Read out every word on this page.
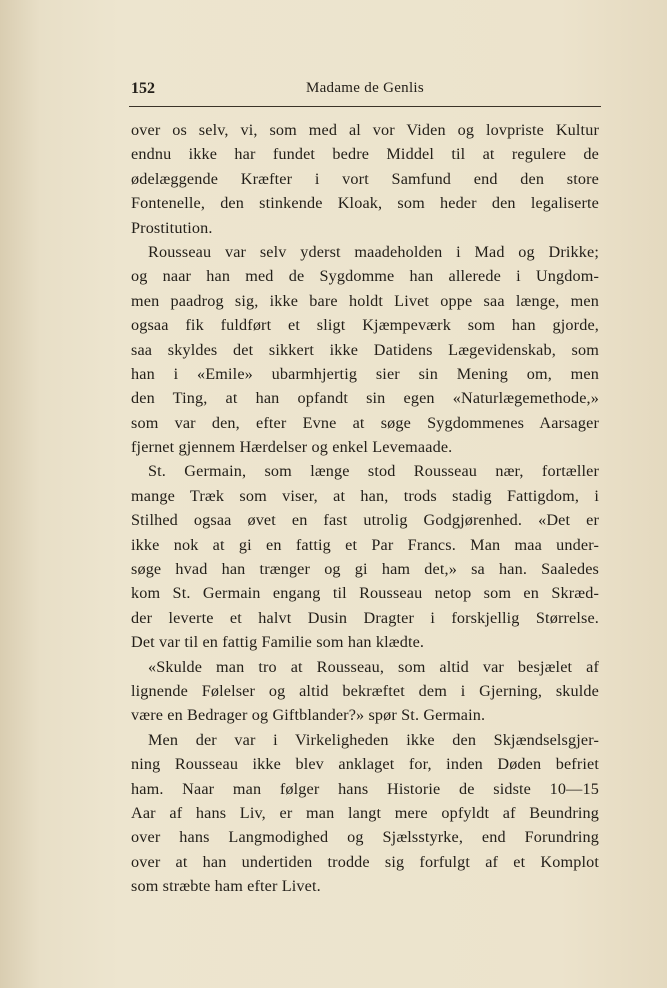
152	Madame de Genlis

over os selv, vi, som med al vor Viden og lovpriste Kultur
endnu ikke har fundet bedre Middel til at regulere de
ødelæggende Kræfter i vort Samfund end den store
Fontenelle, den stinkende Kloak, som heder den legaliserte
Prostitution.

Rousseau var selv yderst maadeholden i Mad og Drikke;
og naar han med de Sygdomme han allerede i Ungdom-
men paadrog sig, ikke bare holdt Livet oppe saa længe, men
ogsaa fik fuldført et sligt Kjæmpeværk som han gjorde,
saa skyldes det sikkert ikke Datidens Lægevidenskab, som
han i «Emile» ubarmhjertig sier sin Mening om, men
den Ting, at han opfandt sin egen «Naturlægemethode,»
som var den, efter Evne at søge Sygdommenes Aarsager
fjernet gjennem Hærdelser og enkel Levemaade.

St. Germain, som længe stod Rousseau nær, fortæller
mange Træk som viser, at han, trods stadig Fattigdom, i
Stilhed ogsaa øvet en fast utrolig Godgjørenhed. «Det er
ikke nok at gi en fattig et Par Francs. Man maa under-
søge hvad han trænger og gi ham det,» sa han. Saaledes
kom St. Germain engang til Rousseau netop som en Skræd-
der leverte et halvt Dusin Dragter i forskjellig Størrelse.
Det var til en fattig Familie som han klædte.

«Skulde man tro at Rousseau, som altid var besjælet af
lignende Følelser og altid bekræftet dem i Gjerning, skulde
være en Bedrager og Giftblander?» spør St. Germain.

Men der var i Virkeligheden ikke den Skjændselsgjer-
ning Rousseau ikke blev anklaget for, inden Døden befriet
ham. Naar man følger hans Historie de sidste 10—15
Aar af hans Liv, er man langt mere opfyldt af Beundring
over hans Langmodighed og Sjælsstyrke, end Forundring
over at han undertiden trodde sig forfulgt af et Komplot
som stræbte ham efter Livet.
